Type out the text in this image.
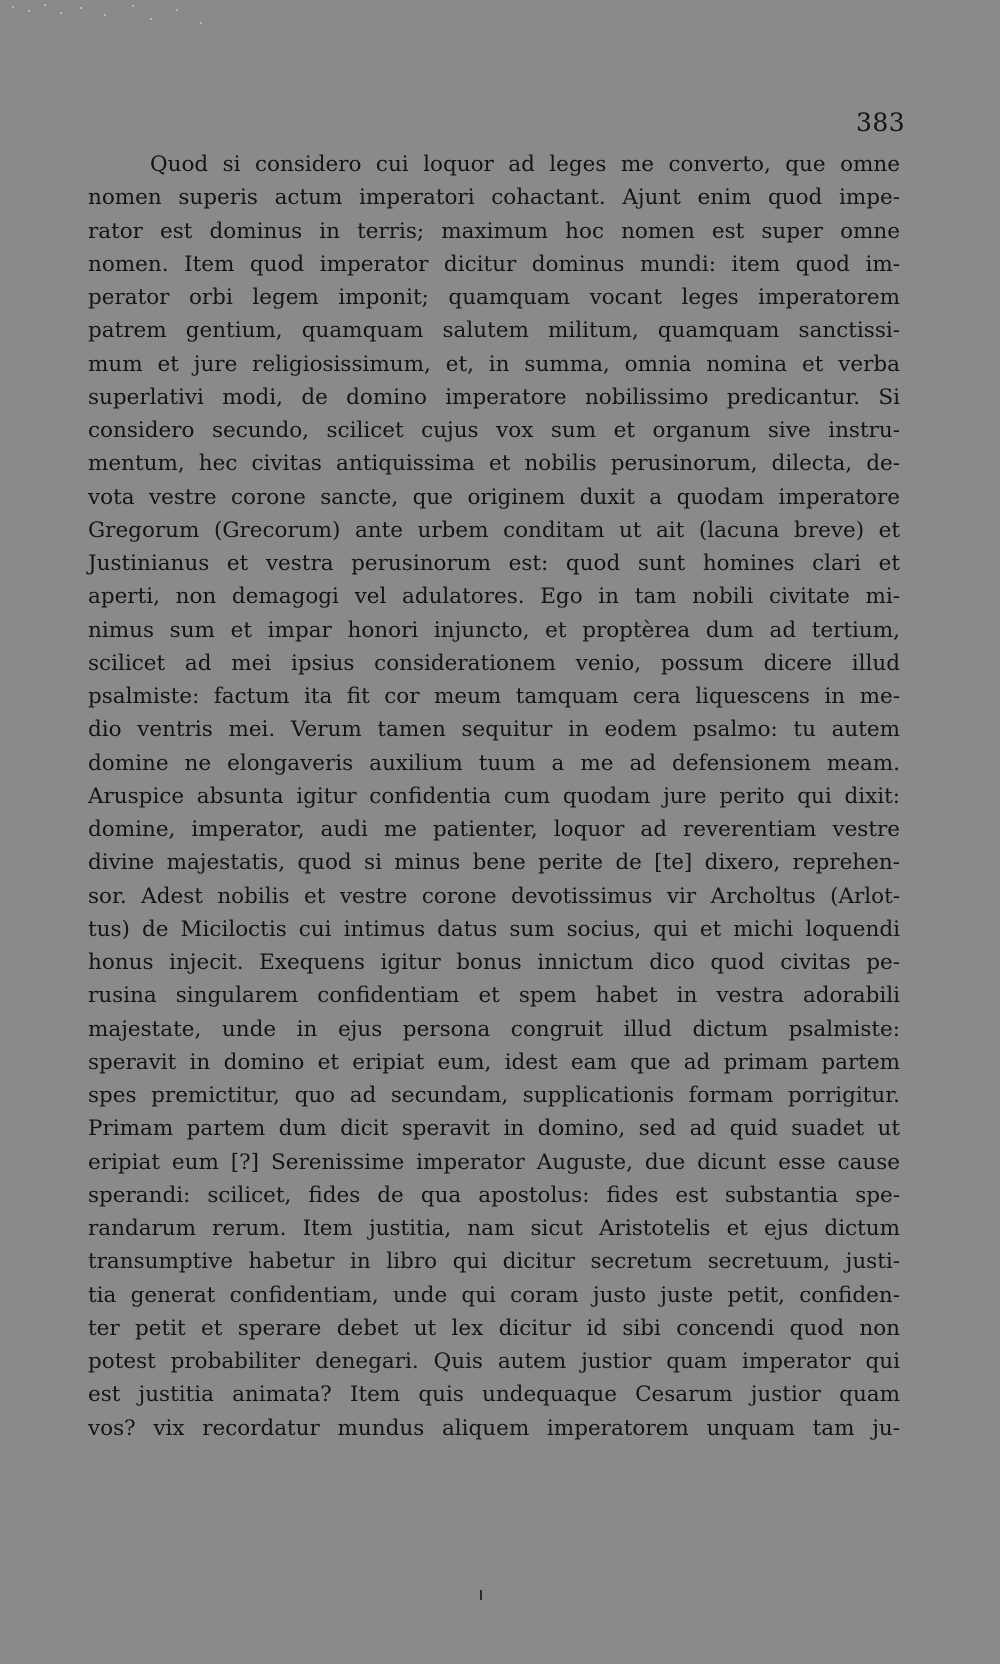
383
Quod si considero cui loquor ad leges me converto, que omne
nomen superis actum imperatori cohactant. Ajunt enim quod impe-
rator est dominus in terris; maximum hoc nomen est super omne
nomen. Item quod imperator dicitur dominus mundi: item quod im-
perator orbi legem imponit; quamquam vocant leges imperatorem
patrem gentium, quamquam salutem militum, quamquam sanctissi-
mum et jure religiosissimum, et, in summa, omnia nomina et verba
superlativi modi, de domino imperatore nobilissimo predicantur. Si
considero secundo, scilicet cujus vox sum et organum sive instru-
mentum, hec civitas antiquissima et nobilis perusinorum, dilecta, de-
vota vestre corone sancte, que originem duxit a quodam imperatore
Gregorum (Grecorum) ante urbem conditam ut ait (lacuna breve) et
Justinianus et vestra perusinorum est: quod sunt homines clari et
aperti, non demagogi vel adulatores. Ego in tam nobili civitate mi-
nimus sum et impar honori injuncto, et proptèrea dum ad tertium,
scilicet ad mei ipsius considerationem venio, possum dicere illud
psalmiste: factum ita fit cor meum tamquam cera liquescens in me-
dio ventris mei. Verum tamen sequitur in eodem psalmo: tu autem
domine ne elongaveris auxilium tuum a me ad defensionem meam.
Aruspice absunta igitur confidentia cum quodam jure perito qui dixit:
domine, imperator, audi me patienter, loquor ad reverentiam vestre
divine majestatis, quod si minus bene perite de [te] dixero, reprehen-
sor. Adest nobilis et vestre corone devotissimus vir Archoltus (Arlot-
tus) de Miciloctis cui intimus datus sum socius, qui et michi loquendi
honus injecit. Exequens igitur bonus innictum dico quod civitas pe-
rusina singularem confidentiam et spem habet in vestra adorabili
majestate, unde in ejus persona congruit illud dictum psalmiste:
speravit in domino et eripiat eum, idest eam que ad primam partem
spes premictitur, quo ad secundam, supplicationis formam porrigitur.
Primam partem dum dicit speravit in domino, sed ad quid suadet ut
eripiat eum [?] Serenissime imperator Auguste, due dicunt esse cause
sperandi: scilicet, fides de qua apostolus: fides est substantia spe-
randarum rerum. Item justitia, nam sicut Aristotelis et ejus dictum
transumptive habetur in libro qui dicitur secretum secretuum, justi-
tia generat confidentiam, unde qui coram justo juste petit, confiden-
ter petit et sperare debet ut lex dicitur id sibi concendi quod non
potest probabiliter denegari. Quis autem justior quam imperator qui
est justitia animata? Item quis undequaque Cesarum justior quam
vos? vix recordatur mundus aliquem imperatorem unquam tam ju-
